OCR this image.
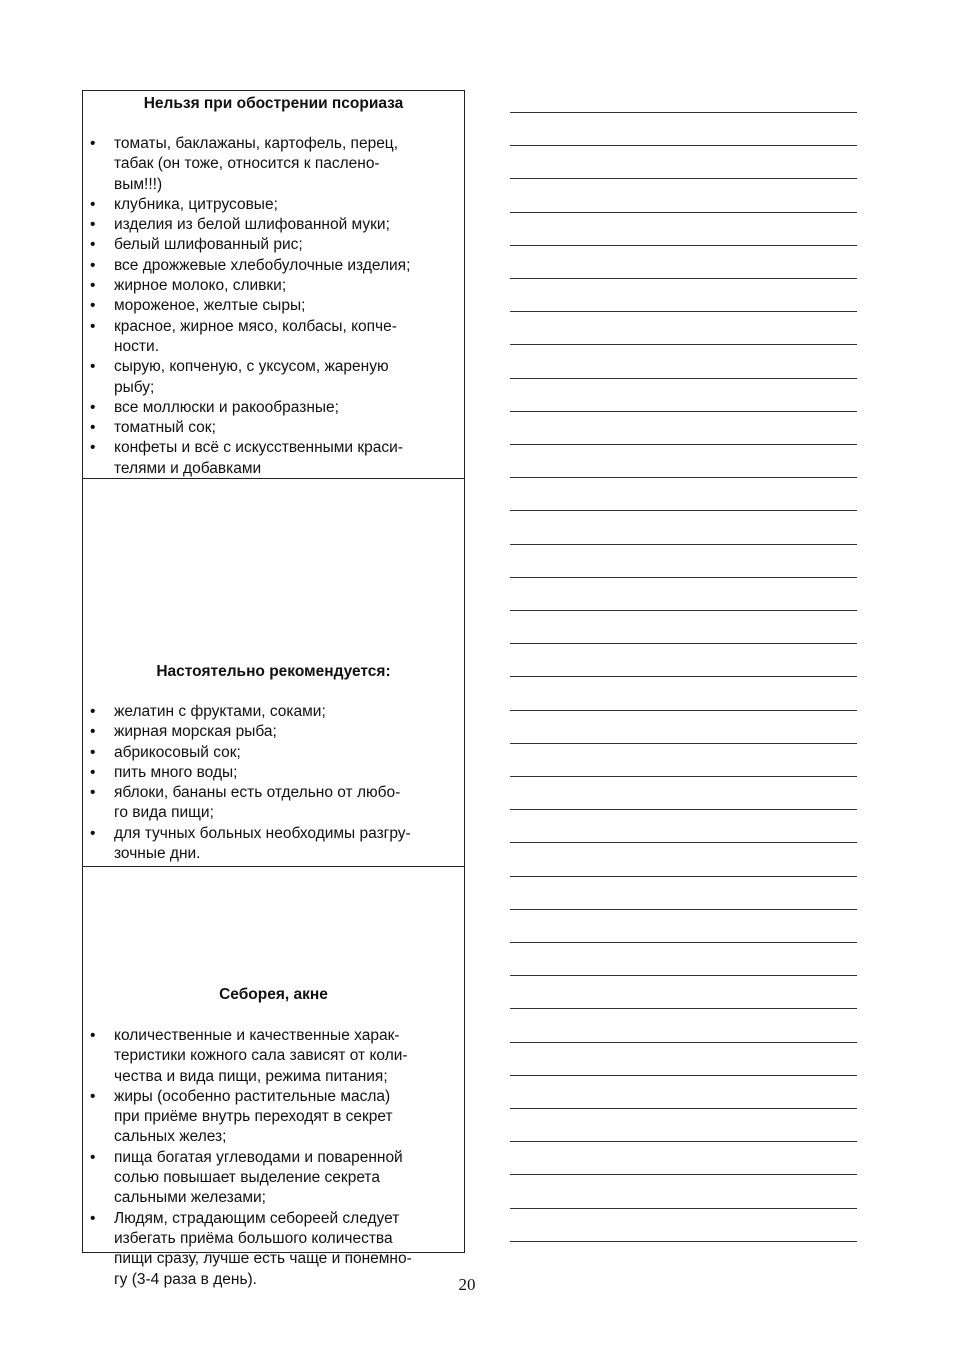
Нельзя при обострении псориаза
•	томаты, баклажаны, картофель, перец,
табак (он тоже, относится к паслено-
вым!!!)
•	клубника, цитрусовые;
•	изделия из белой шлифованной муки;
•	белый шлифованный рис;
•	все дрожжевые хлебобулочные изделия;
•	жирное молоко, сливки;
•	мороженое, желтые сыры;
•	красное, жирное мясо, колбасы, копче-
ности.
•	сырую, копченую, с уксусом, жареную
рыбу;
•	все моллюски и ракообразные;
•	томатный сок;
•	конфеты и всё с искусственными краси-
телями и добавками
Настоятельно рекомендуется:
•	желатин с фруктами, соками;
•	жирная морская рыба;
•	абрикосовый сок;
•	пить много воды;
•	яблоки, бананы есть отдельно от любо-
го вида пищи;
•	для тучных больных необходимы разгру-
зочные дни.
Себорея, акне
•	количественные и качественные харак-
теристики кожного сала зависят от коли-
чества и вида пищи, режима питания;
•	жиры (особенно растительные масла)
при приёме внутрь переходят в секрет
сальных желез;
•	пища богатая углеводами и поваренной
солью повышает выделение секрета
сальными железами;
•	Людям, страдающим себореей следует
избегать приёма большого количества
пищи сразу, лучше есть чаще и понемно-
гу (3-4 раза в день).	20
